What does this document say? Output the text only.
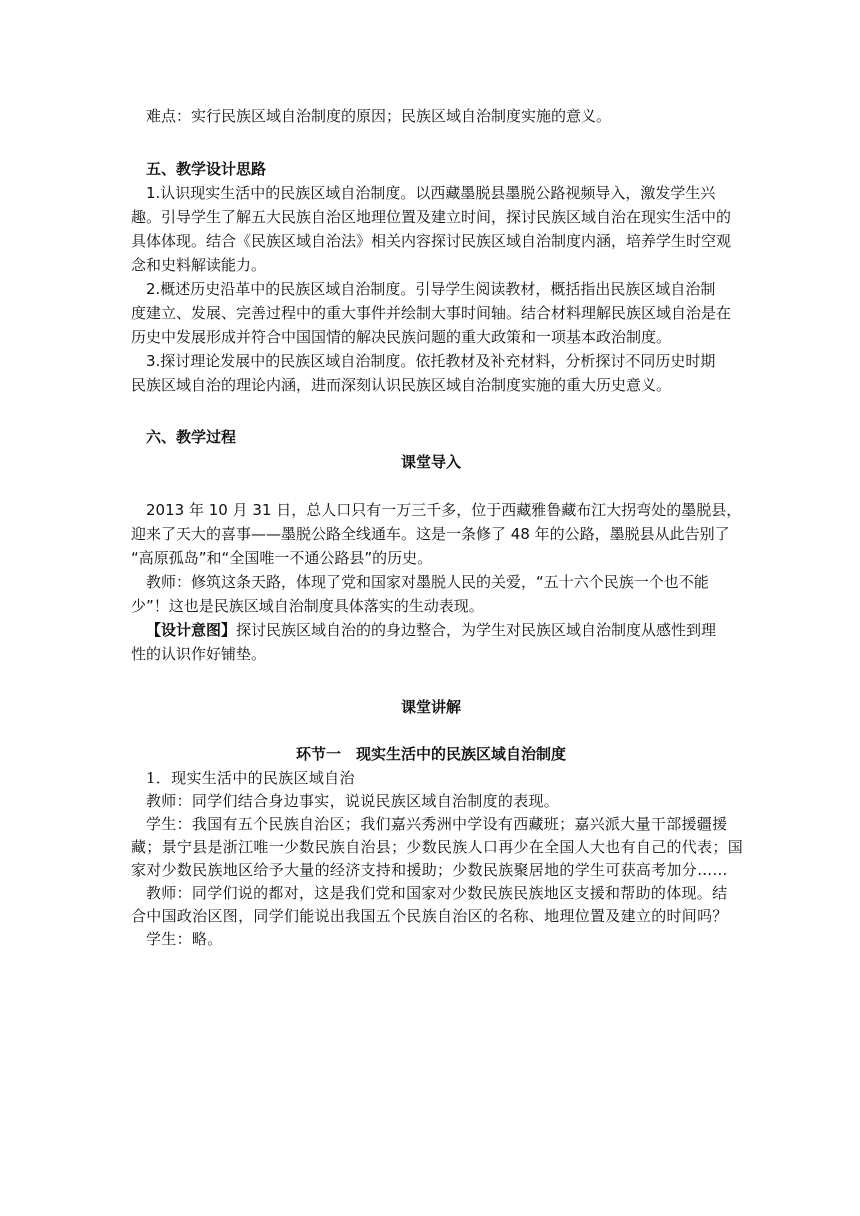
难点：实行民族区域自治制度的原因；民族区域自治制度实施的意义。
五、教学设计思路
1.认识现实生活中的民族区域自治制度。以西藏墨脱县墨脱公路视频导入，激发学生兴
趣。引导学生了解五大民族自治区地理位置及建立时间，探讨民族区域自治在现实生活中的
具体体现。结合《民族区域自治法》相关内容探讨民族区域自治制度内涵，培养学生时空观
念和史料解读能力。
2.概述历史沿革中的民族区域自治制度。引导学生阅读教材，概括指出民族区域自治制
度建立、发展、完善过程中的重大事件并绘制大事时间轴。结合材料理解民族区域自治是在
历史中发展形成并符合中国国情的解决民族问题的重大政策和一项基本政治制度。
3.探讨理论发展中的民族区域自治制度。依托教材及补充材料，分析探讨不同历史时期
民族区域自治的理论内涵，进而深刻认识民族区域自治制度实施的重大历史意义。
六、教学过程
课堂导入
2013 年 10 月 31 日，总人口只有一万三千多，位于西藏雅鲁藏布江大拐弯处的墨脱县，
迎来了天大的喜事——墨脱公路全线通车。这是一条修了 48 年的公路，墨脱县从此告别了
“高原孤岛”和“全国唯一不通公路县”的历史。
教师：修筑这条天路，体现了党和国家对墨脱人民的关爱，“五十六个民族一个也不能
少”！这也是民族区域自治制度具体落实的生动表现。
【设计意图】探讨民族区域自治的的身边整合，为学生对民族区域自治制度从感性到理
性的认识作好铺垫。
课堂讲解
环节一　现实生活中的民族区域自治制度
1．现实生活中的民族区域自治
教师：同学们结合身边事实，说说民族区域自治制度的表现。
学生：我国有五个民族自治区；我们嘉兴秀洲中学设有西藏班；嘉兴派大量干部援疆援
藏；景宁县是浙江唯一少数民族自治县；少数民族人口再少在全国人大也有自己的代表；国
家对少数民族地区给予大量的经济支持和援助；少数民族聚居地的学生可获高考加分……
教师：同学们说的都对，这是我们党和国家对少数民族民族地区支援和帮助的体现。结
合中国政治区图，同学们能说出我国五个民族自治区的名称、地理位置及建立的时间吗？
学生：略。
